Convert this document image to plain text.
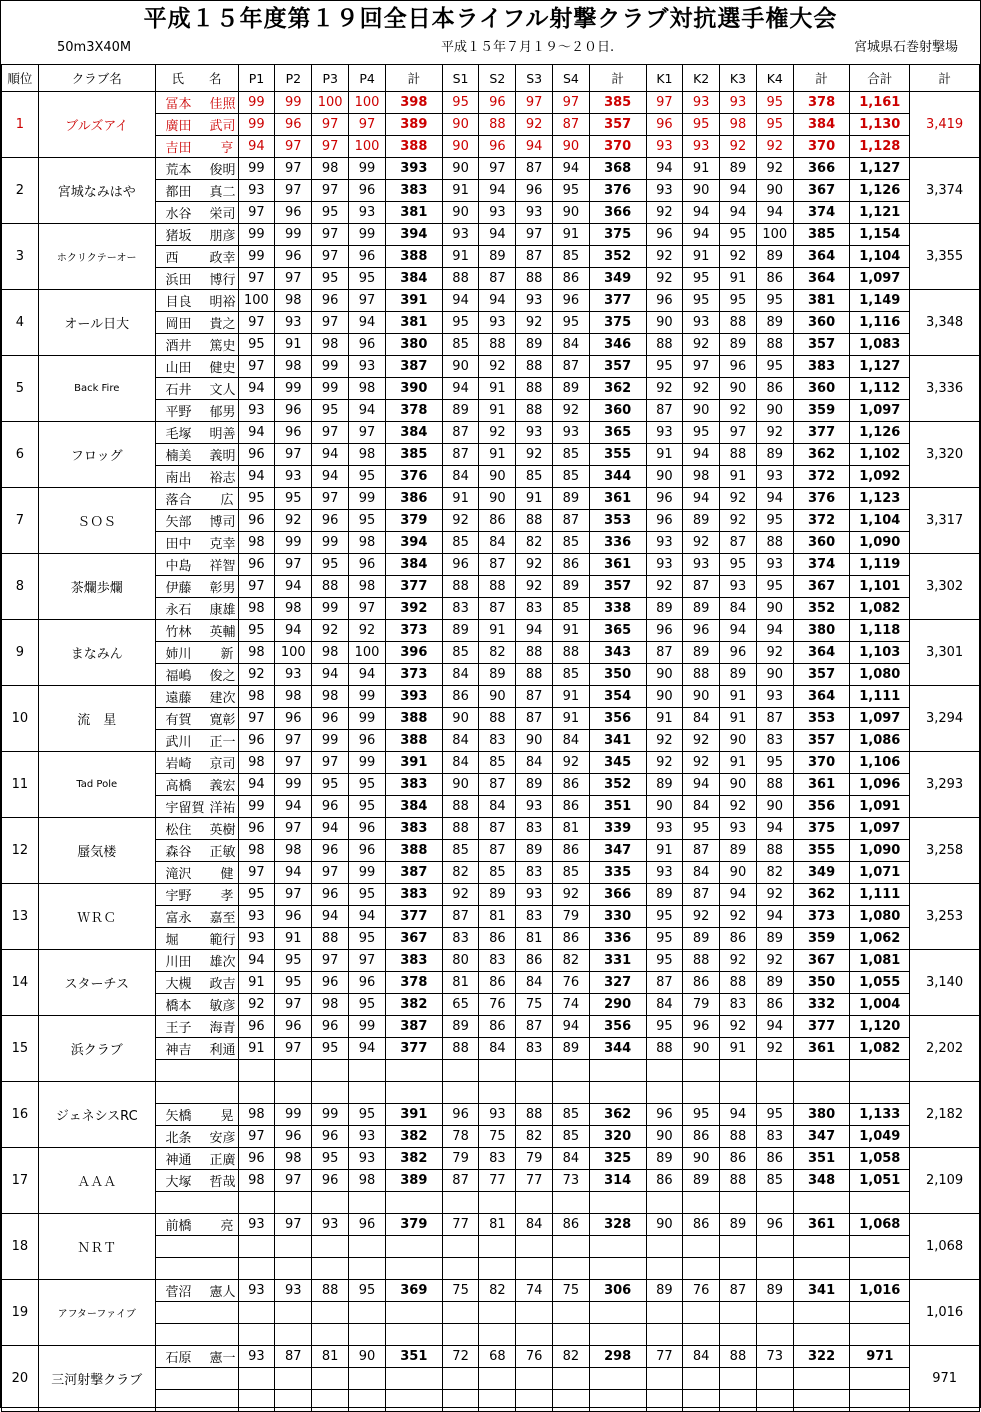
平成１５年度第１９回全日本ライフル射撃クラブ対抗選手権大会
50m3X40M	平成１５年７月１９～２０日.	宮城県石巻射撃場
順位	クラブ名	氏　　名	P1	P2	P3	P4	計	S1	S2	S3	S4	計	K1	K2	K3	K4	計	合計	計
1	ブルズアイ	冨本 佳照	99	99	100	100	398	95	96	97	97	385	97	93	93	95	378	1,161	3,419
		廣田 武司	99	96	97	97	389	90	88	92	87	357	96	95	98	95	384	1,130	
		吉田 亨	94	97	97	100	388	90	96	94	90	370	93	93	92	92	370	1,128	
2	宮城なみはや	荒本 俊明	99	97	98	99	393	90	97	87	94	368	94	91	89	92	366	1,127	3,374
		都田 真二	93	97	97	96	383	91	94	96	95	376	93	90	94	90	367	1,126	
		水谷 栄司	97	96	95	93	381	90	93	93	90	366	92	94	94	94	374	1,121	
3	ホクリクテーオー	猪坂 朋彦	99	99	97	99	394	93	94	97	91	375	96	94	95	100	385	1,154	3,355
		西 政幸	99	96	97	96	388	91	89	87	85	352	92	91	92	89	364	1,104	
		浜田 博行	97	97	95	95	384	88	87	88	86	349	92	95	91	86	364	1,097	
4	オール日大	目良 明裕	100	98	96	97	391	94	94	93	96	377	96	95	95	95	381	1,149	3,348
		岡田 貴之	97	93	97	94	381	95	93	92	95	375	90	93	88	89	360	1,116	
		酒井 篤史	95	91	98	96	380	85	88	89	84	346	88	92	89	88	357	1,083	
5	Back Fire	山田 健史	97	98	99	93	387	90	92	88	87	357	95	97	96	95	383	1,127	3,336
		石井 文人	94	99	99	98	390	94	91	88	89	362	92	92	90	86	360	1,112	
		平野 郁男	93	96	95	94	378	89	91	88	92	360	87	90	92	90	359	1,097	
6	フロッグ	毛塚 明善	94	96	97	97	384	87	92	93	93	365	93	95	97	92	377	1,126	3,320
		楠美 義明	96	97	94	98	385	87	91	92	85	355	91	94	88	89	362	1,102	
		南出 裕志	94	93	94	95	376	84	90	85	85	344	90	98	91	93	372	1,092	
7	ＳＯＳ	落合 広	95	95	97	99	386	91	90	91	89	361	96	94	92	94	376	1,123	3,317
		矢部 博司	96	92	96	95	379	92	86	88	87	353	96	89	92	95	372	1,104	
		田中 克幸	98	99	99	98	394	85	84	82	85	336	93	92	87	88	360	1,090	
8	茶爛歩爛	中島 祥智	96	97	95	96	384	96	87	92	86	361	93	93	95	93	374	1,119	3,302
		伊藤 彰男	97	94	88	98	377	88	88	92	89	357	92	87	93	95	367	1,101	
		永石 康雄	98	98	99	97	392	83	87	83	85	338	89	89	84	90	352	1,082	
9	まなみん	竹林 英輔	95	94	92	92	373	89	91	94	91	365	96	96	94	94	380	1,118	3,301
		姉川 新	98	100	98	100	396	85	82	88	88	343	87	89	96	92	364	1,103	
		福嶋 俊之	92	93	94	94	373	84	89	88	85	350	90	88	89	90	357	1,080	
10	流　星	遠藤 建次	98	98	98	99	393	86	90	87	91	354	90	90	91	93	364	1,111	3,294
		有賀 寛彰	97	96	96	99	388	90	88	87	91	356	91	84	91	87	353	1,097	
		武川 正一	96	97	99	96	388	84	83	90	84	341	92	92	90	83	357	1,086	
11	Tad Pole	岩崎 京司	98	97	97	99	391	84	85	84	92	345	92	92	91	95	370	1,106	3,293
		高橋 義宏	94	99	95	95	383	90	87	89	86	352	89	94	90	88	361	1,096	
		宇留賀 洋祐	99	94	96	95	384	88	84	93	86	351	90	84	92	90	356	1,091	
12	蜃気楼	松住 英樹	96	97	94	96	383	88	87	83	81	339	93	95	93	94	375	1,097	3,258
		森谷 正敏	98	98	96	96	388	85	87	89	86	347	91	87	89	88	355	1,090	
		滝沢 健	97	94	97	99	387	82	85	83	85	335	93	84	90	82	349	1,071	
13	ＷＲＣ	宇野 孝	95	97	96	95	383	92	89	93	92	366	89	87	94	92	362	1,111	3,253
		富永 嘉至	93	96	94	94	377	87	81	83	79	330	95	92	92	94	373	1,080	
		堀 範行	93	91	88	95	367	83	86	81	86	336	95	89	86	89	359	1,062	
14	スターチス	川田 雄次	94	95	97	97	383	80	83	86	82	331	95	88	92	92	367	1,081	3,140
		大槻 政吉	91	95	96	96	378	81	86	84	76	327	87	86	88	89	350	1,055	
		橋本 敏彦	92	97	98	95	382	65	76	75	74	290	84	79	83	86	332	1,004	
15	浜クラブ	王子 海青	96	96	96	99	387	89	86	87	94	356	95	96	92	94	377	1,120	2,202
		神吉 利通	91	97	95	94	377	88	84	83	89	344	88	90	91	92	361	1,082	

16	ジェネシスRC																		2,182
		矢橋 晃	98	99	99	95	391	96	93	88	85	362	96	95	94	95	380	1,133	
		北条 安彦	97	96	96	93	382	78	75	82	85	320	90	86	88	83	347	1,049	
17	ＡＡＡ	神通 正廣	96	98	95	93	382	79	83	79	84	325	89	90	86	86	351	1,058	2,109
		大塚 哲哉	98	97	96	98	389	87	77	77	73	314	86	89	88	85	348	1,051	

18	ＮＲＴ	前橋 亮	93	97	93	96	379	77	81	84	86	328	90	86	89	96	361	1,068	1,068

19	アフターファイブ	菅沼 憲人	93	93	88	95	369	75	82	74	75	306	89	76	87	89	341	1,016	1,016

20	三河射撃クラブ	石原 憲一	93	87	81	90	351	72	68	76	82	298	77	84	88	73	322	971	971
